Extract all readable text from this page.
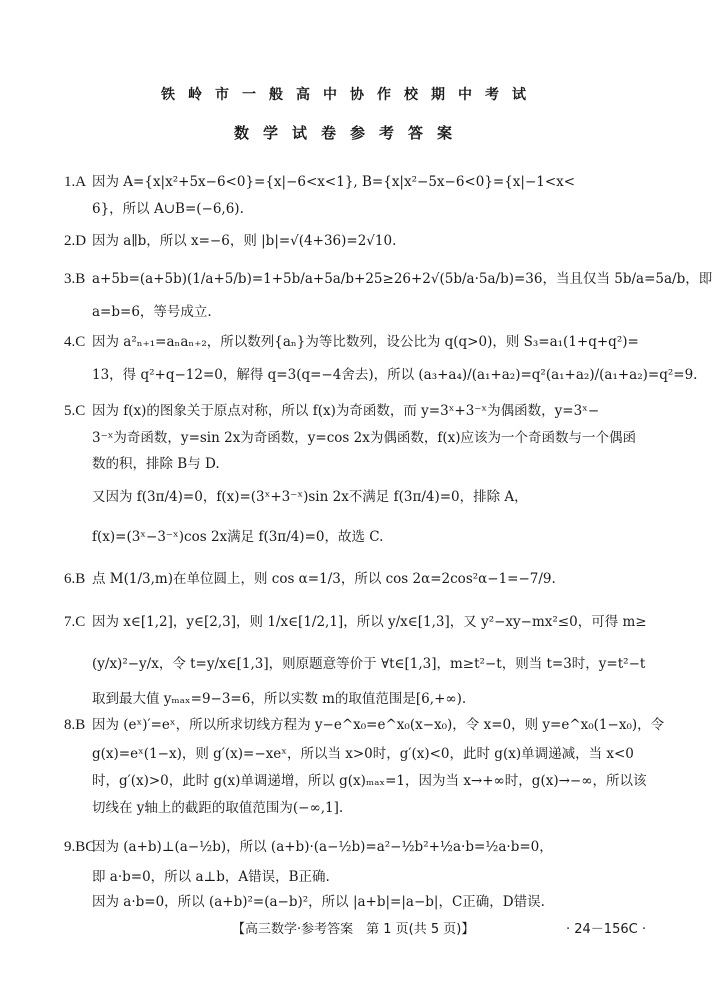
铁岭市一般高中协作校期中考试
数学试卷参考答案
1.A 因为 A={x|x²+5x−6<0}={x|−6<x<1}, B={x|x²−5x−6<0}={x|−1<x<
6}，所以 A∪B=(−6,6).
2.D 因为 a∥b，所以 x=−6，则 |b|=√(4+36)=2√10.
3.B a+5b=(a+5b)(1/a+5/b)=1+5b/a+5a/b+25≥26+2√(5b/a·5a/b)=36，当且仅当 5b/a=5a/b，即
a=b=6，等号成立.
4.C 因为 a²ₙ₊₁=aₙaₙ₊₂，所以数列{aₙ}为等比数列，设公比为 q(q>0)，则 S₃=a₁(1+q+q²)=
13，得 q²+q−12=0，解得 q=3(q=−4舍去)，所以 (a₃+a₄)/(a₁+a₂)=q²(a₁+a₂)/(a₁+a₂)=q²=9.
5.C 因为 f(x)的图象关于原点对称，所以 f(x)为奇函数，而 y=3ˣ+3⁻ˣ为偶函数，y=3ˣ−
3⁻ˣ为奇函数，y=sin 2x为奇函数，y=cos 2x为偶函数，f(x)应该为一个奇函数与一个偶函
数的积，排除 B与 D.
又因为 f(3π/4)=0，f(x)=(3ˣ+3⁻ˣ)sin 2x不满足 f(3π/4)=0，排除 A，
f(x)=(3ˣ−3⁻ˣ)cos 2x满足 f(3π/4)=0，故选 C.
6.B 点 M(1/3,m)在单位圆上，则 cos α=1/3，所以 cos 2α=2cos²α−1=−7/9.
7.C 因为 x∈[1,2]，y∈[2,3]，则 1/x∈[1/2,1]，所以 y/x∈[1,3]，又 y²−xy−mx²≤0，可得 m≥
(y/x)²−y/x，令 t=y/x∈[1,3]，则原题意等价于 ∀t∈[1,3]，m≥t²−t，则当 t=3时，y=t²−t
取到最大值 yₘₐₓ=9−3=6，所以实数 m的取值范围是[6,+∞).
8.B 因为 (eˣ)′=eˣ，所以所求切线方程为 y−e^x₀=e^x₀(x−x₀)，令 x=0，则 y=e^x₀(1−x₀)，令
g(x)=eˣ(1−x)，则 g′(x)=−xeˣ，所以当 x>0时，g′(x)<0，此时 g(x)单调递减，当 x<0
时，g′(x)>0，此时 g(x)单调递增，所以 g(x)ₘₐₓ=1，因为当 x→+∞时，g(x)→−∞，所以该
切线在 y轴上的截距的取值范围为(−∞,1].
9.BC因为 (a+b)⊥(a−½b)，所以 (a+b)·(a−½b)=a²−½b²+½a·b=½a·b=0，
即 a·b=0，所以 a⊥b，A错误，B正确.
因为 a·b=0，所以 (a+b)²=(a−b)²，所以 |a+b|=|a−b|，C正确，D错误.
【高三数学·参考答案　第 1 页(共 5 页)】	· 24－156C ·
